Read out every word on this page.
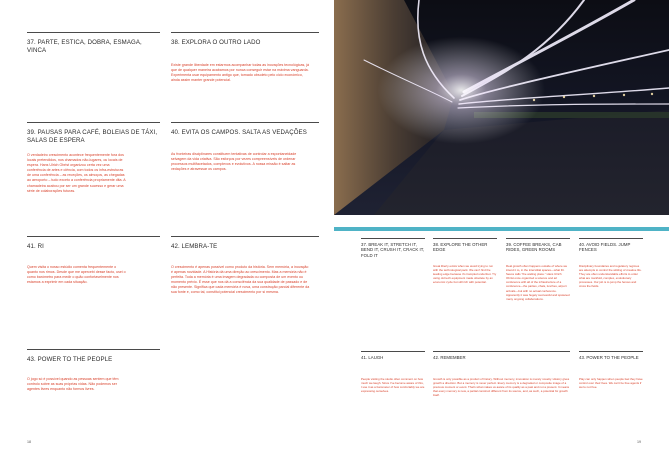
37. PARTE, ESTICA, DOBRA, ESMAGA, VINCA
38. EXPLORA O OUTRO LADO
Existe grande liberdade em estarmos acompanhar todas as inovações tecnológicas, já que de qualquer maneira acabamos por nunca conseguir estar na máxima vanguarda. Experimenta usar equipamento antigo que, tornado obsoleto pelo ciclo económico, ainda assim manter grande potencial.
39. PAUSAS PARA CAFÉ, BOLEIAS DE TÁXI, SALAS DE ESPERA
O verdadeiro crescimento acontece frequentemente fora dos locais pretendidos, nos chamados não-lugares, ou locais de espera. Hans Ulrich Obrist organizou certa vez uma conferência de artes e ciência, com todos os infra-estruturas de uma conferência – as receções, os almoços, as chegadas ao aeroporto – tudo exceto a conferência propriamente dita. A chamadeira acabou por ser um grande sucesso e gerar uma série de colaborações futuras.
40. EVITA OS CAMPOS. SALTA AS VEDAÇÕES
As fronteiras disciplinares constituem tentativas de controlar a espontaneidade selvagem da vida criativa. São esforços por vezes compreensíveis de ordenar processos multifacetados, complexos e evolutivos. A nossa missão é saltar as vedações e atravessar os campos.
41. RI
Quem visita o nosso estúdio comenta frequentemente o quanto nos rimos. Desde que me apercebi desse facto, usei o como barómetro para medir o quão confortavelmente nos estamos a exprimir em cada situação.
42. LEMBRA-TE
O crescimento é apenas possível como produto da história. Sem memória, a inovação é apenas novidade. A História dá uma direção ao crescimento. Mas a memória não é perfeita. Toda a memória é uma imagem degradada ou composta de um evento ou momento prévio. É esse que nos dá a consciência da sua qualidade de passado e de não presente. Significa que cada memória é nova, uma construção parcial diferente da sua fonte e, como tal, constitui potencial crescimento por si mesma.
43. POWER TO THE PEOPLE
O jogo só é possível quando as pessoas sentem que têm controlo sobre as suas próprias vidas. Não podemos ser agentes livres enquanto não formos livres.
18
37. BREAK IT, STRETCH IT, BEND IT, CRUSH IT, CRACK IT, FOLD IT
38. EXPLORE THE OTHER EDGE
Great liberty exists when we avoid trying to run with the technological pack. We can't find the leading edge because it's trampled underfoot. Try using old tech equipment made obsolete by an economic cycle but still rich with potential.
39. COFFEE BREAKS, CAB RIDES, GREEN ROOMS
Real growth often happens outside of where we intend it to, in the interstitial spaces—what Dr. Seuss calls "the waiting place." Hans Ulrich Obrist once organized a science and art conference with all of the infrastructure of a conference—the parties, chats, lunches, airport arrivals—but with no actual conference. Apparently it was hugely successful and spawned many ongoing collaborations.
40. AVOID FIELDS. JUMP FENCES
Disciplinary boundaries and regulatory regimes are attempts to control the wilding of creative life. They are often understandable efforts to order what are manifold, complex, evolutionary processes. Our job is to jump the fences and cross the fields.
41. LAUGH
People visiting the studio often comment on how much we laugh. Since I've become aware of this, I use it as a barometer of how comfortably we are expressing ourselves.
42. REMEMBER
Growth is only possible as a product of history. Without memory, innovation is merely novelty. History gives growth a direction. But a memory is never perfect. Every memory is a degraded or composite image of a previous moment or event. That's what makes us aware of its quality as a past and not a present. It means that every memory is new, a partial construct different from its source, and, as such, a potential for growth itself.
43. POWER TO THE PEOPLE
Play can only happen when people feel they have control over their lives. We can't be free agents if we're not free.
19
